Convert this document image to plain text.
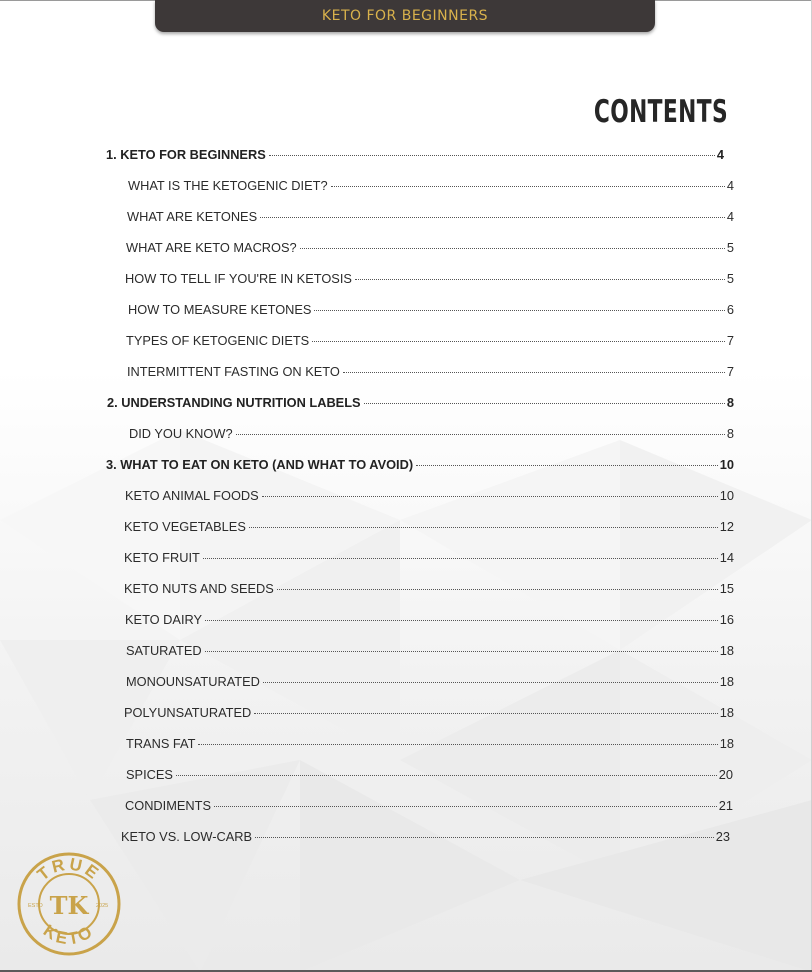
KETO FOR BEGINNERS
CONTENTS
1. KETO FOR BEGINNERS	4
WHAT IS THE KETOGENIC DIET?	4
WHAT ARE KETONES	4
WHAT ARE KETO MACROS?	5
HOW TO TELL IF YOU'RE IN KETOSIS	5
HOW TO MEASURE KETONES	6
TYPES OF KETOGENIC DIETS	7
INTERMITTENT FASTING ON KETO	7
2. UNDERSTANDING NUTRITION LABELS	8
DID YOU KNOW?	8
3. WHAT TO EAT ON KETO (AND WHAT TO AVOID)	10
KETO ANIMAL FOODS	10
KETO VEGETABLES	12
KETO FRUIT	14
KETO NUTS AND SEEDS	15
KETO DAIRY	16
SATURATED	18
MONOUNSATURATED	18
POLYUNSATURATED	18
TRANS FAT	18
SPICES	20
CONDIMENTS	21
KETO VS. LOW-CARB	23
TRUE
KETO
ESTD	2025
TK
